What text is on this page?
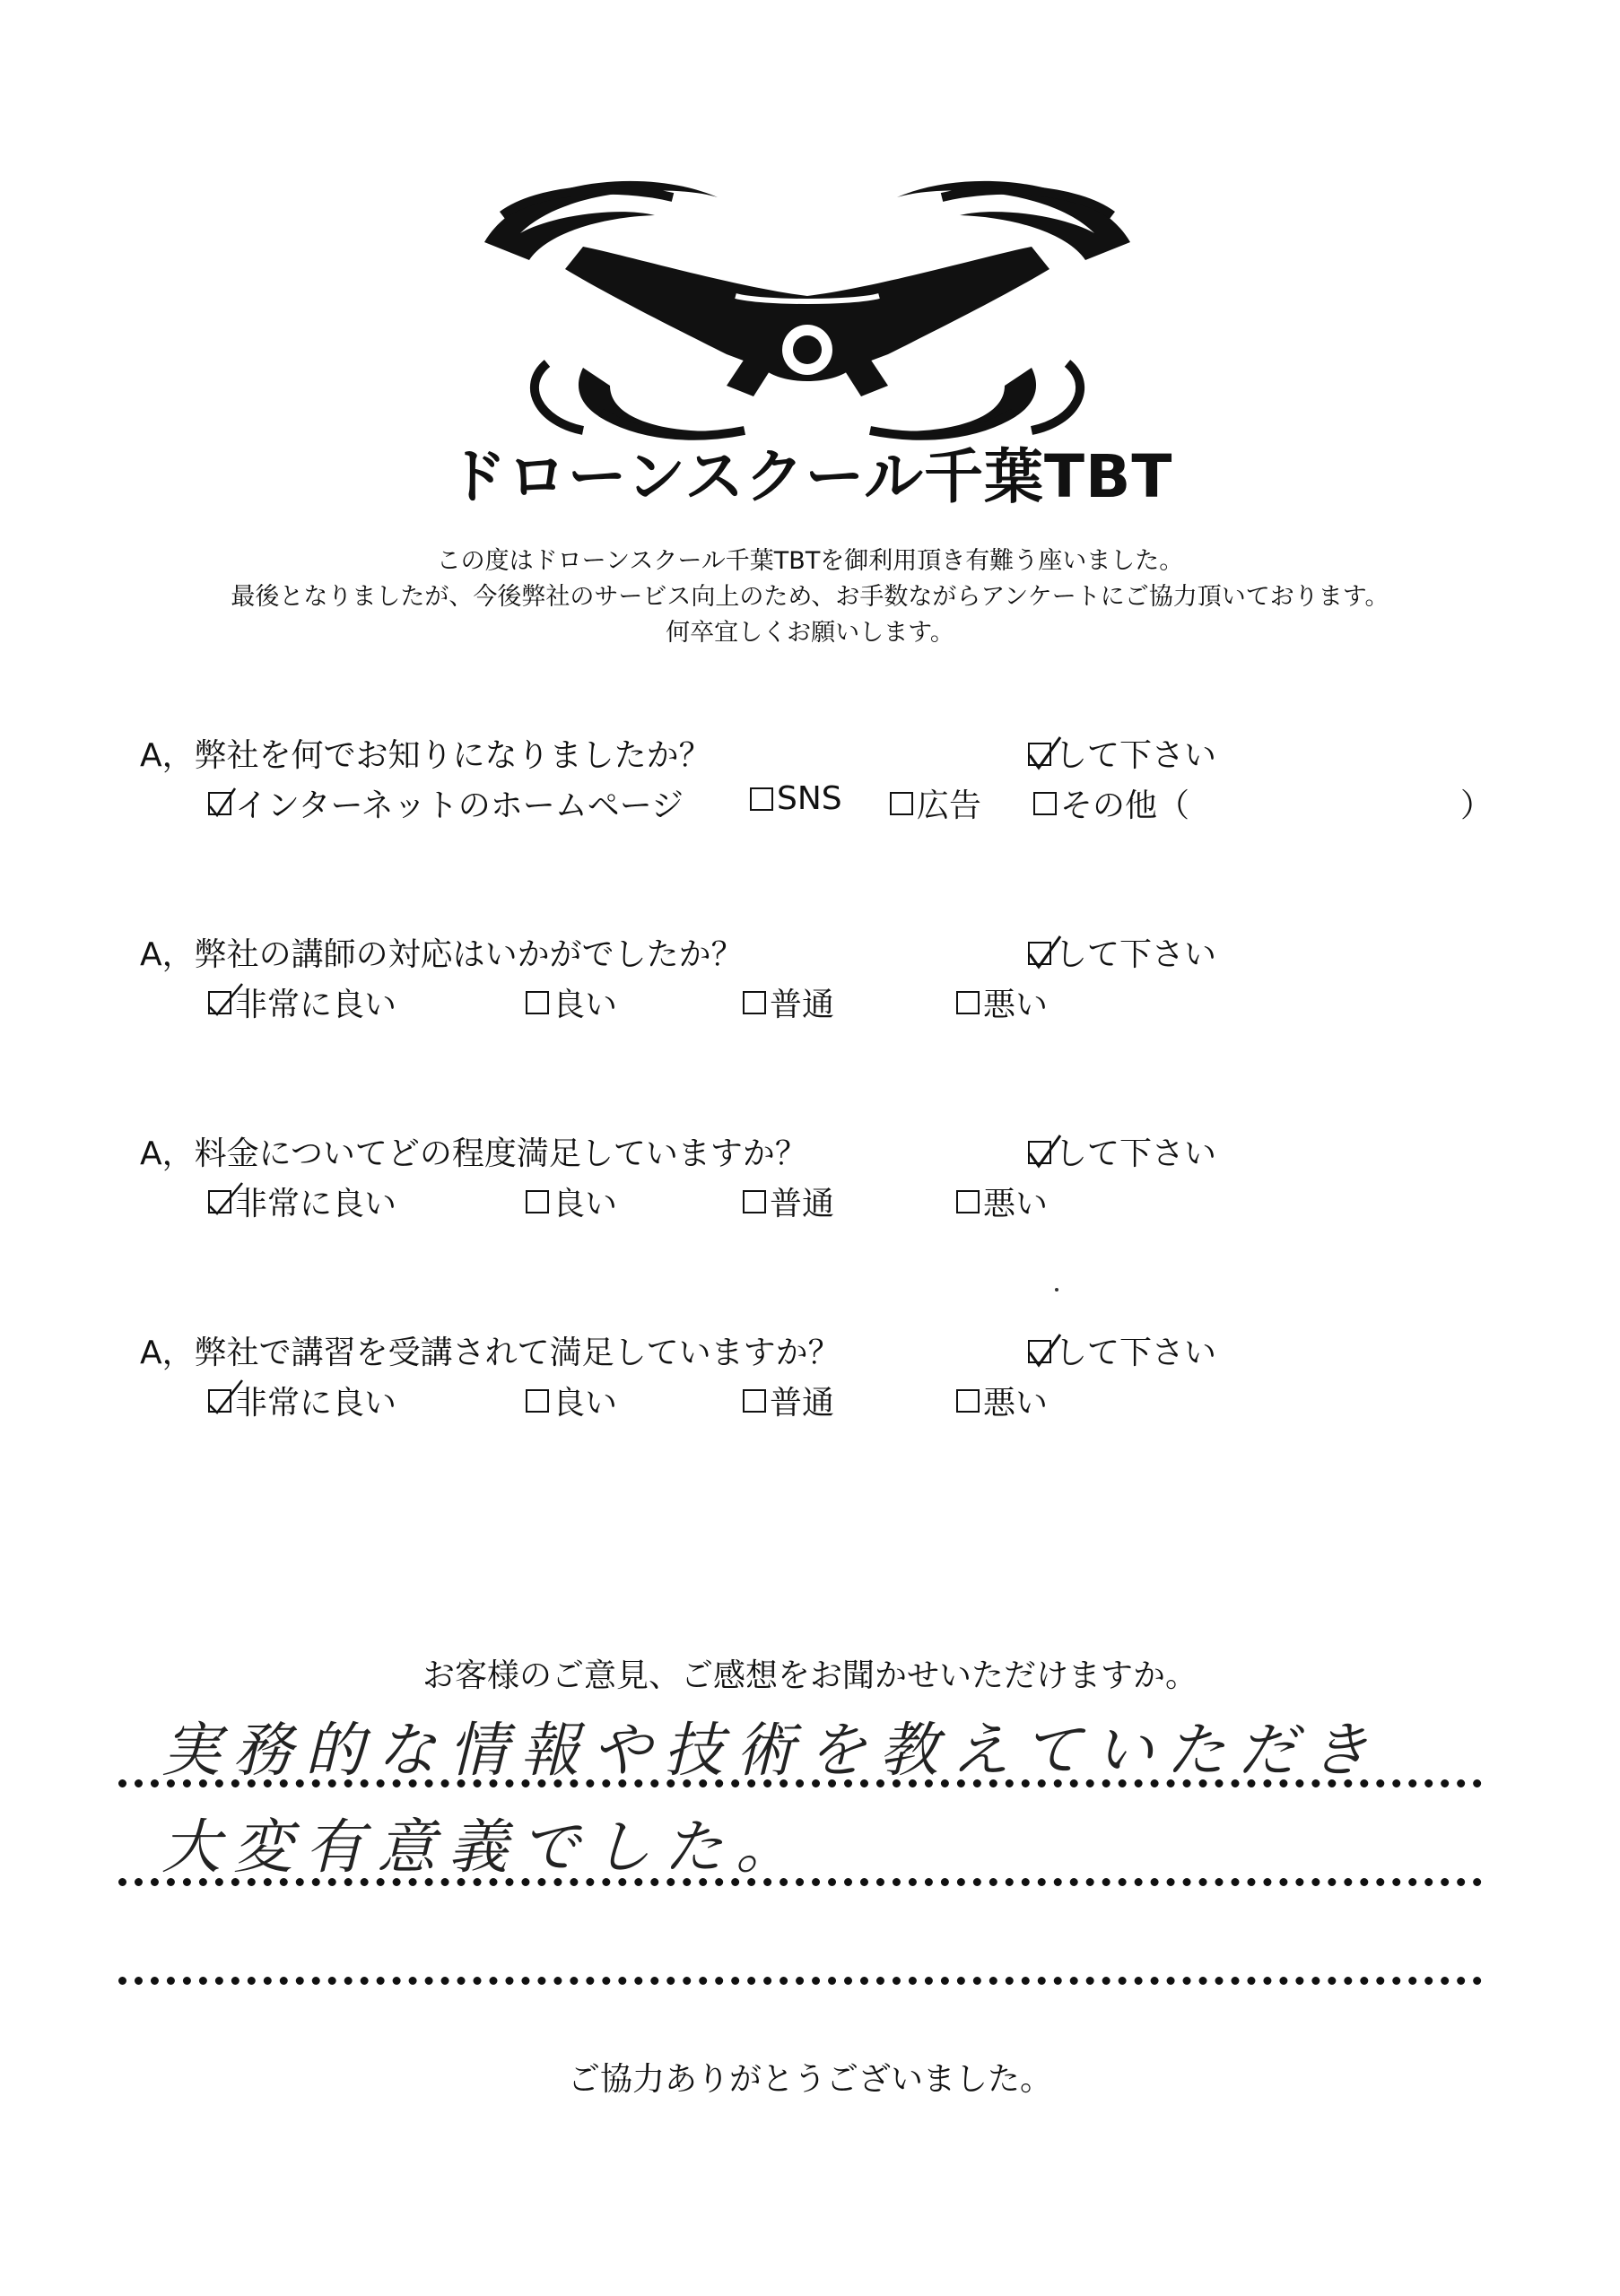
ドローンスクール千葉TBT
この度はドローンスクール千葉TBTを御利用頂き有難う座いました。
最後となりましたが、今後弊社のサービス向上のため、お手数ながらアンケートにご協力頂いております。
何卒宜しくお願いします。
A，弊社を何でお知りになりましたか？	して下さい
インターネットのホームページ	SNS 広告 その他（	）
A，弊社の講師の対応はいかがでしたか？	して下さい
非常に良い	良い	普通	悪い
A，料金についてどの程度満足していますか？	して下さい
非常に良い	良い	普通	悪い
A，弊社で講習を受講されて満足していますか？	して下さい
非常に良い	良い	普通	悪い
お客様のご意見、ご感想をお聞かせいただけますか。
実務的な情報や技術を教えていただき
大変有意義でした。
ご協力ありがとうございました。
